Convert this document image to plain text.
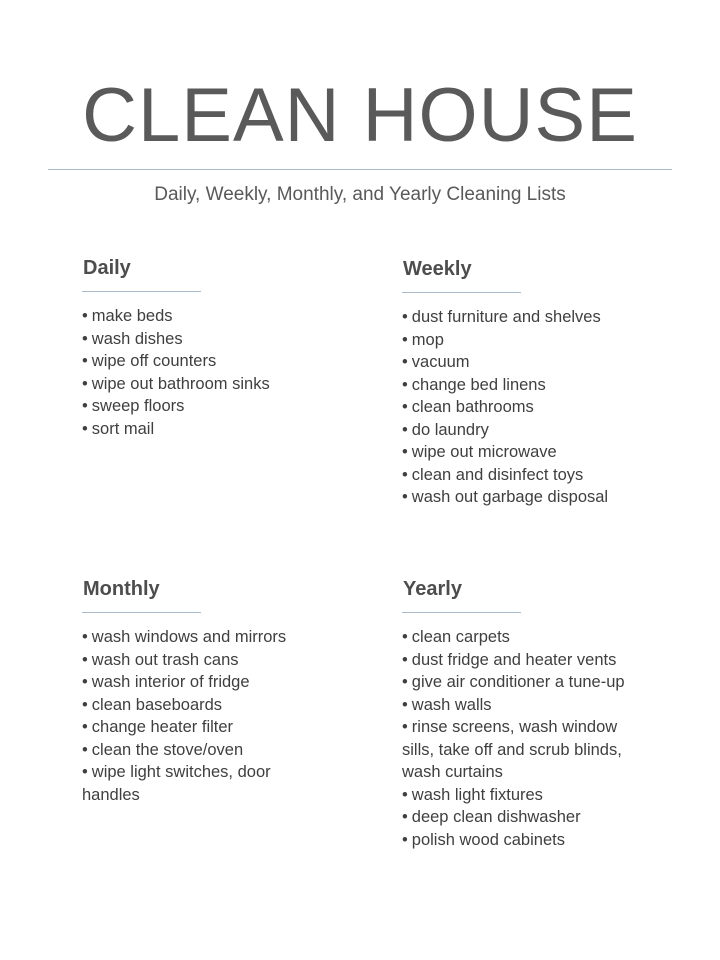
CLEAN HOUSE

Daily, Weekly, Monthly, and Yearly Cleaning Lists

Daily
• make beds
• wash dishes
• wipe off counters
• wipe out bathroom sinks
• sweep floors
• sort mail
Weekly
• dust furniture and shelves
• mop
• vacuum
• change bed linens
• clean bathrooms
• do laundry
• wipe out microwave
• clean and disinfect toys
• wash out garbage disposal
Monthly
• wash windows and mirrors
• wash out trash cans
• wash interior of fridge
• clean baseboards
• change heater filter
• clean the stove/oven
• wipe light switches, door handles
Yearly
• clean carpets
• dust fridge and heater vents
• give air conditioner a tune-up
• wash walls
• rinse screens, wash window sills, take off and scrub blinds, wash curtains
• wash light fixtures
• deep clean dishwasher
• polish wood cabinets
